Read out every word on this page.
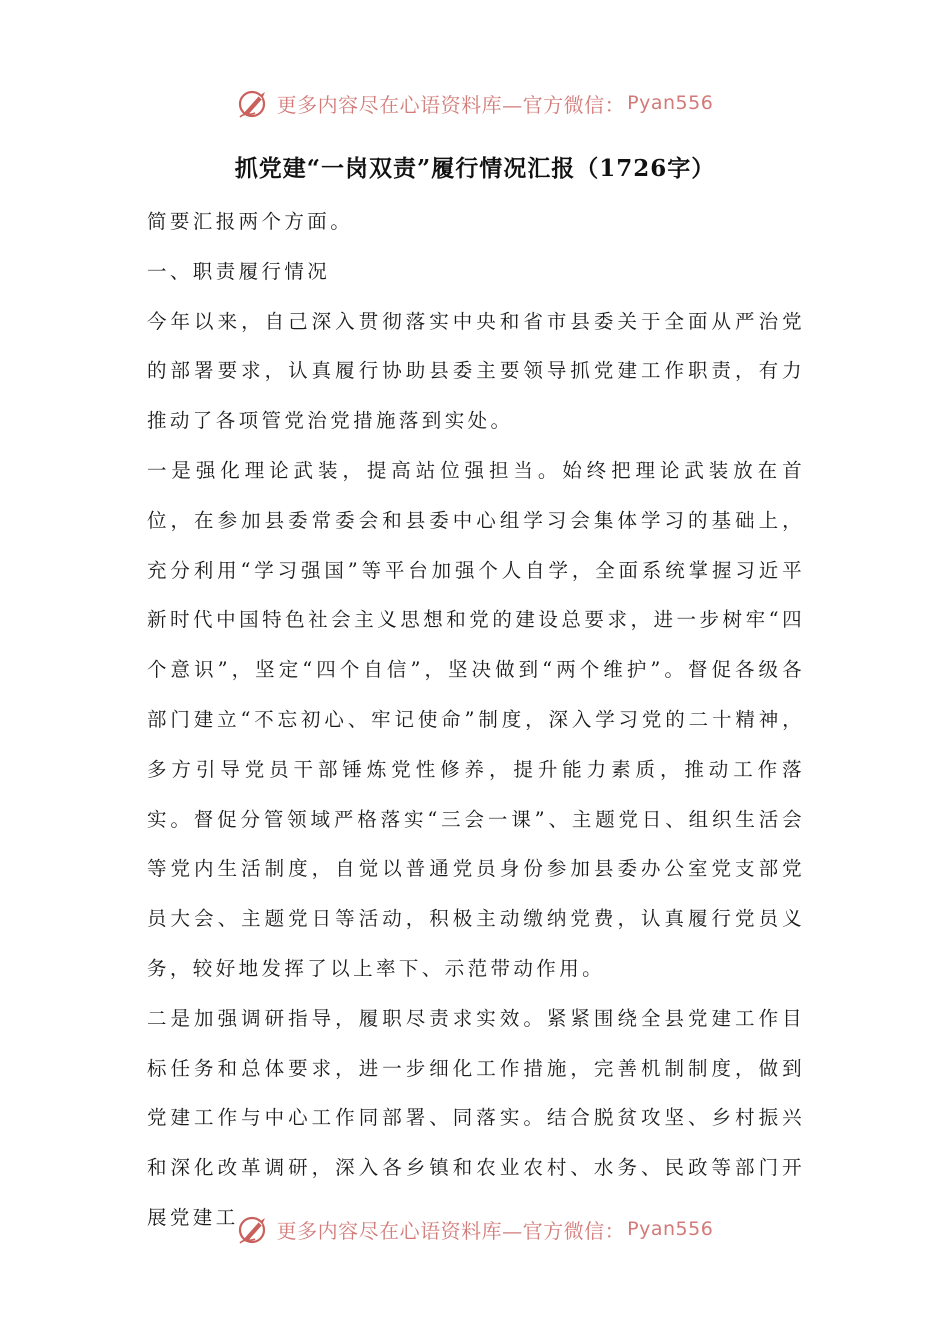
更多内容尽在心语资料库—官方微信： Pyan556
抓党建“一岗双责”履行情况汇报（1726字）

简要汇报两个方面。

一、职责履行情况

今年以来，自己深入贯彻落实中央和省市县委关于全面从严治党的部署要求，认真履行协助县委主要领导抓党建工作职责，有力推动了各项管党治党措施落到实处。

一是强化理论武装，提高站位强担当。始终把理论武装放在首位，在参加县委常委会和县委中心组学习会集体学习的基础上，充分利用“学习强国”等平台加强个人自学，全面系统掌握习近平新时代中国特色社会主义思想和党的建设总要求，进一步树牢“四个意识”，坚定“四个自信”，坚决做到“两个维护”。督促各级各部门建立“不忘初心、牢记使命”制度，深入学习党的二十精神，多方引导党员干部锤炼党性修养，提升能力素质，推动工作落实。督促分管领域严格落实“三会一课”、主题党日、组织生活会等党内生活制度，自觉以普通党员身份参加县委办公室党支部党员大会、主题党日等活动，积极主动缴纳党费，认真履行党员义务，较好地发挥了以上率下、示范带动作用。

二是加强调研指导，履职尽责求实效。紧紧围绕全县党建工作目标任务和总体要求，进一步细化工作措施，完善机制制度，做到党建工作与中心工作同部署、同落实。结合脱贫攻坚、乡村振兴和深化改革调研，深入各乡镇和农业农村、水务、民政等部门开展党建工

更多内容尽在心语资料库—官方微信： Pyan556
